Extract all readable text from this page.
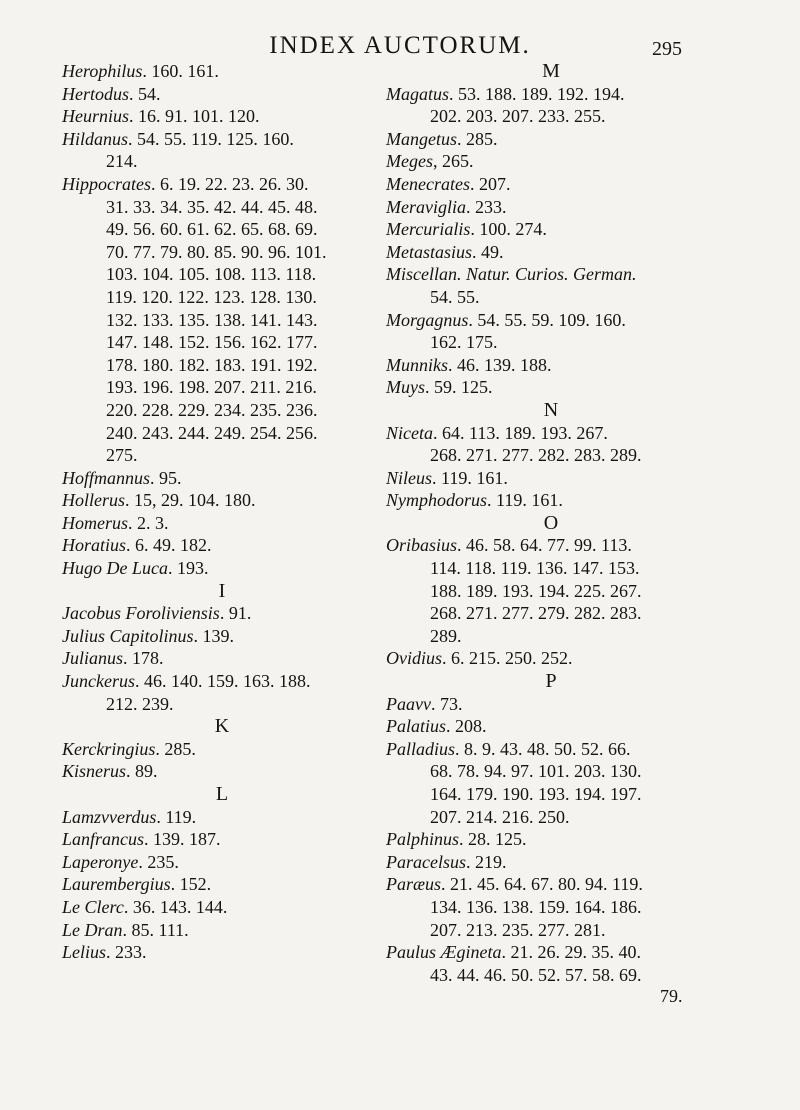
INDEX AUCTORUM.	295
Herophilus. 160. 161.
Hertodus. 54.
Heurnius. 16. 91. 101. 120.
Hildanus. 54. 55. 119. 125. 160.
214.
Hippocrates. 6. 19. 22. 23. 26. 30.
31. 33. 34. 35. 42. 44. 45. 48.
49. 56. 60. 61. 62. 65. 68. 69.
70. 77. 79. 80. 85. 90. 96. 101.
103. 104. 105. 108. 113. 118.
119. 120. 122. 123. 128. 130.
132. 133. 135. 138. 141. 143.
147. 148. 152. 156. 162. 177.
178. 180. 182. 183. 191. 192.
193. 196. 198. 207. 211. 216.
220. 228. 229. 234. 235. 236.
240. 243. 244. 249. 254. 256.
275.
Hoffmannus. 95.
Hollerus. 15, 29. 104. 180.
Homerus. 2. 3.
Horatius. 6. 49. 182.
Hugo De Luca. 193.
I
Jacobus Foroliviensis. 91.
Julius Capitolinus. 139.
Julianus. 178.
Junckerus. 46. 140. 159. 163. 188.
212. 239.
K
Kerckringius. 285.
Kisnerus. 89.
L
Lamzvverdus. 119.
Lanfrancus. 139. 187.
Laperonye. 235.
Laurembergius. 152.
Le Clerc. 36. 143. 144.
Le Dran. 85. 111.
Lelius. 233.
M
Magatus. 53. 188. 189. 192. 194.
202. 203. 207. 233. 255.
Mangetus. 285.
Meges, 265.
Menecrates. 207.
Meraviglia. 233.
Mercurialis. 100. 274.
Metastasius. 49.
Miscellan. Natur. Curios. German.
54. 55.
Morgagnus. 54. 55. 59. 109. 160.
162. 175.
Munniks. 46. 139. 188.
Muys. 59. 125.
N
Niceta. 64. 113. 189. 193. 267.
268. 271. 277. 282. 283. 289.
Nileus. 119. 161.
Nymphodorus. 119. 161.
O
Oribasius. 46. 58. 64. 77. 99. 113.
114. 118. 119. 136. 147. 153.
188. 189. 193. 194. 225. 267.
268. 271. 277. 279. 282. 283.
289.
Ovidius. 6. 215. 250. 252.
P
Paavv. 73.
Palatius. 208.
Palladius. 8. 9. 43. 48. 50. 52. 66.
68. 78. 94. 97. 101. 203. 130.
164. 179. 190. 193. 194. 197.
207. 214. 216. 250.
Palphinus. 28. 125.
Paracelsus. 219.
Paræus. 21. 45. 64. 67. 80. 94. 119.
134. 136. 138. 159. 164. 186.
207. 213. 235. 277. 281.
Paulus Ægineta. 21. 26. 29. 35. 40.
43. 44. 46. 50. 52. 57. 58. 69.
79.
